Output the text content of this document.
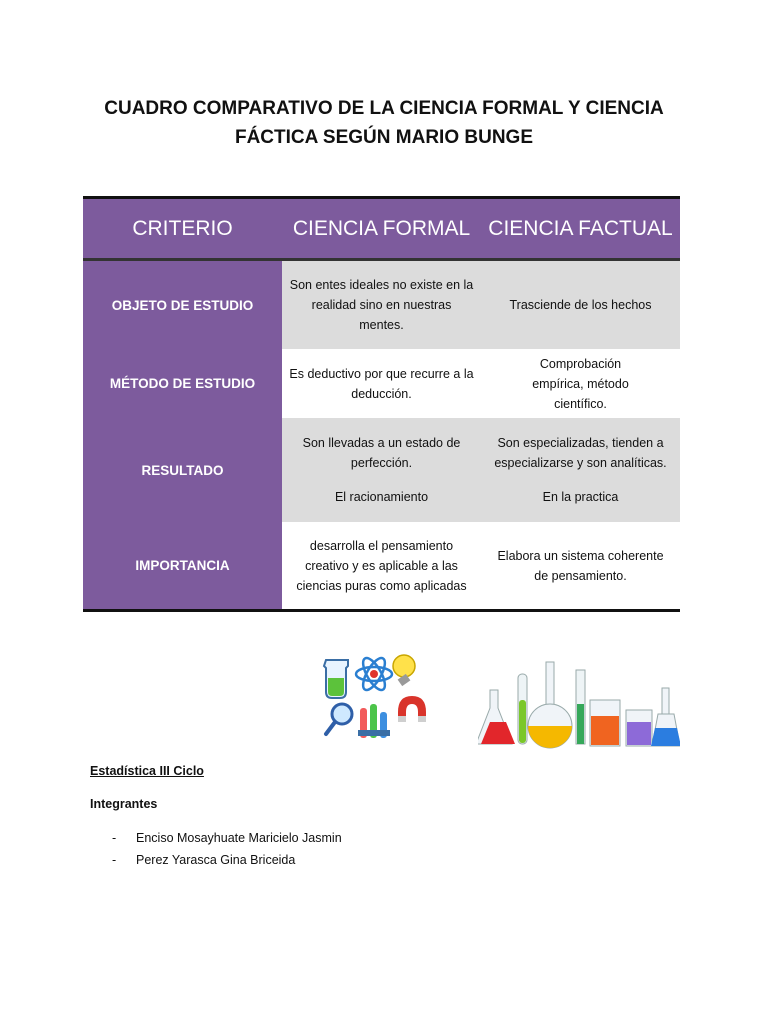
CUADRO COMPARATIVO DE LA CIENCIA FORMAL Y CIENCIA
FÁCTICA SEGÚN MARIO BUNGE
CRITERIO	CIENCIA FORMAL CIENCIA FACTUAL
OBJETO DE ESTUDIO
Son entes ideales no existe en la realidad sino en nuestras mentes.
Trasciende de los hechos
MÉTODO DE ESTUDIO
Es deductivo por que recurre a la deducción.
Comprobación empírica, método científico.
RESULTADO
Son llevadas a un estado de perfección.
El racionamiento
Son especializadas, tienden a especializarse y son analíticas.
En la practica
IMPORTANCIA
desarrolla el pensamiento creativo y es aplicable a las ciencias puras como aplicadas
Elabora un sistema coherente de pensamiento.
Estadística III Ciclo
Integrantes
- Enciso Mosayhuate Maricielo Jasmin
- Perez Yarasca Gina Briceida
